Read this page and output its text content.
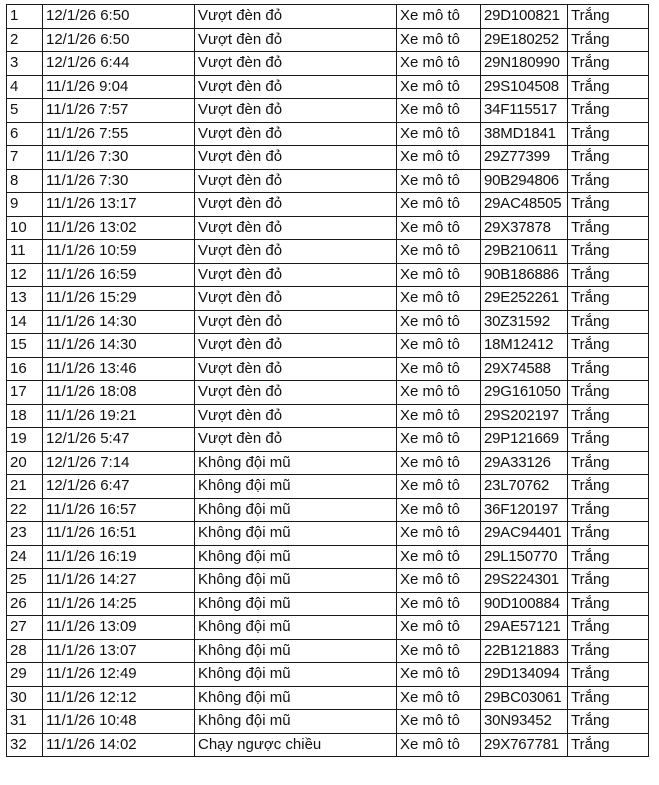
1	12/1/26 6:50	Vượt đèn đỏ	Xe mô tô	29D100821	Trắng
2	12/1/26 6:50	Vượt đèn đỏ	Xe mô tô	29E180252	Trắng
3	12/1/26 6:44	Vượt đèn đỏ	Xe mô tô	29N180990	Trắng
4	11/1/26 9:04	Vượt đèn đỏ	Xe mô tô	29S104508	Trắng
5	11/1/26 7:57	Vượt đèn đỏ	Xe mô tô	34F115517	Trắng
6	11/1/26 7:55	Vượt đèn đỏ	Xe mô tô	38MD1841	Trắng
7	11/1/26 7:30	Vượt đèn đỏ	Xe mô tô	29Z77399	Trắng
8	11/1/26 7:30	Vượt đèn đỏ	Xe mô tô	90B294806	Trắng
9	11/1/26 13:17	Vượt đèn đỏ	Xe mô tô	29AC48505	Trắng
10	11/1/26 13:02	Vượt đèn đỏ	Xe mô tô	29X37878	Trắng
11	11/1/26 10:59	Vượt đèn đỏ	Xe mô tô	29B210611	Trắng
12	11/1/26 16:59	Vượt đèn đỏ	Xe mô tô	90B186886	Trắng
13	11/1/26 15:29	Vượt đèn đỏ	Xe mô tô	29E252261	Trắng
14	11/1/26 14:30	Vượt đèn đỏ	Xe mô tô	30Z31592	Trắng
15	11/1/26 14:30	Vượt đèn đỏ	Xe mô tô	18M12412	Trắng
16	11/1/26 13:46	Vượt đèn đỏ	Xe mô tô	29X74588	Trắng
17	11/1/26 18:08	Vượt đèn đỏ	Xe mô tô	29G161050	Trắng
18	11/1/26 19:21	Vượt đèn đỏ	Xe mô tô	29S202197	Trắng
19	12/1/26 5:47	Vượt đèn đỏ	Xe mô tô	29P121669	Trắng
20	12/1/26 7:14	Không đội mũ	Xe mô tô	29A33126	Trắng
21	12/1/26 6:47	Không đội mũ	Xe mô tô	23L70762	Trắng
22	11/1/26 16:57	Không đội mũ	Xe mô tô	36F120197	Trắng
23	11/1/26 16:51	Không đội mũ	Xe mô tô	29AC94401	Trắng
24	11/1/26 16:19	Không đội mũ	Xe mô tô	29L150770	Trắng
25	11/1/26 14:27	Không đội mũ	Xe mô tô	29S224301	Trắng
26	11/1/26 14:25	Không đội mũ	Xe mô tô	90D100884	Trắng
27	11/1/26 13:09	Không đội mũ	Xe mô tô	29AE57121	Trắng
28	11/1/26 13:07	Không đội mũ	Xe mô tô	22B121883	Trắng
29	11/1/26 12:49	Không đội mũ	Xe mô tô	29D134094	Trắng
30	11/1/26 12:12	Không đội mũ	Xe mô tô	29BC03061	Trắng
31	11/1/26 10:48	Không đội mũ	Xe mô tô	30N93452	Trắng
32	11/1/26 14:02	Chạy ngược chiều	Xe mô tô	29X767781	Trắng
